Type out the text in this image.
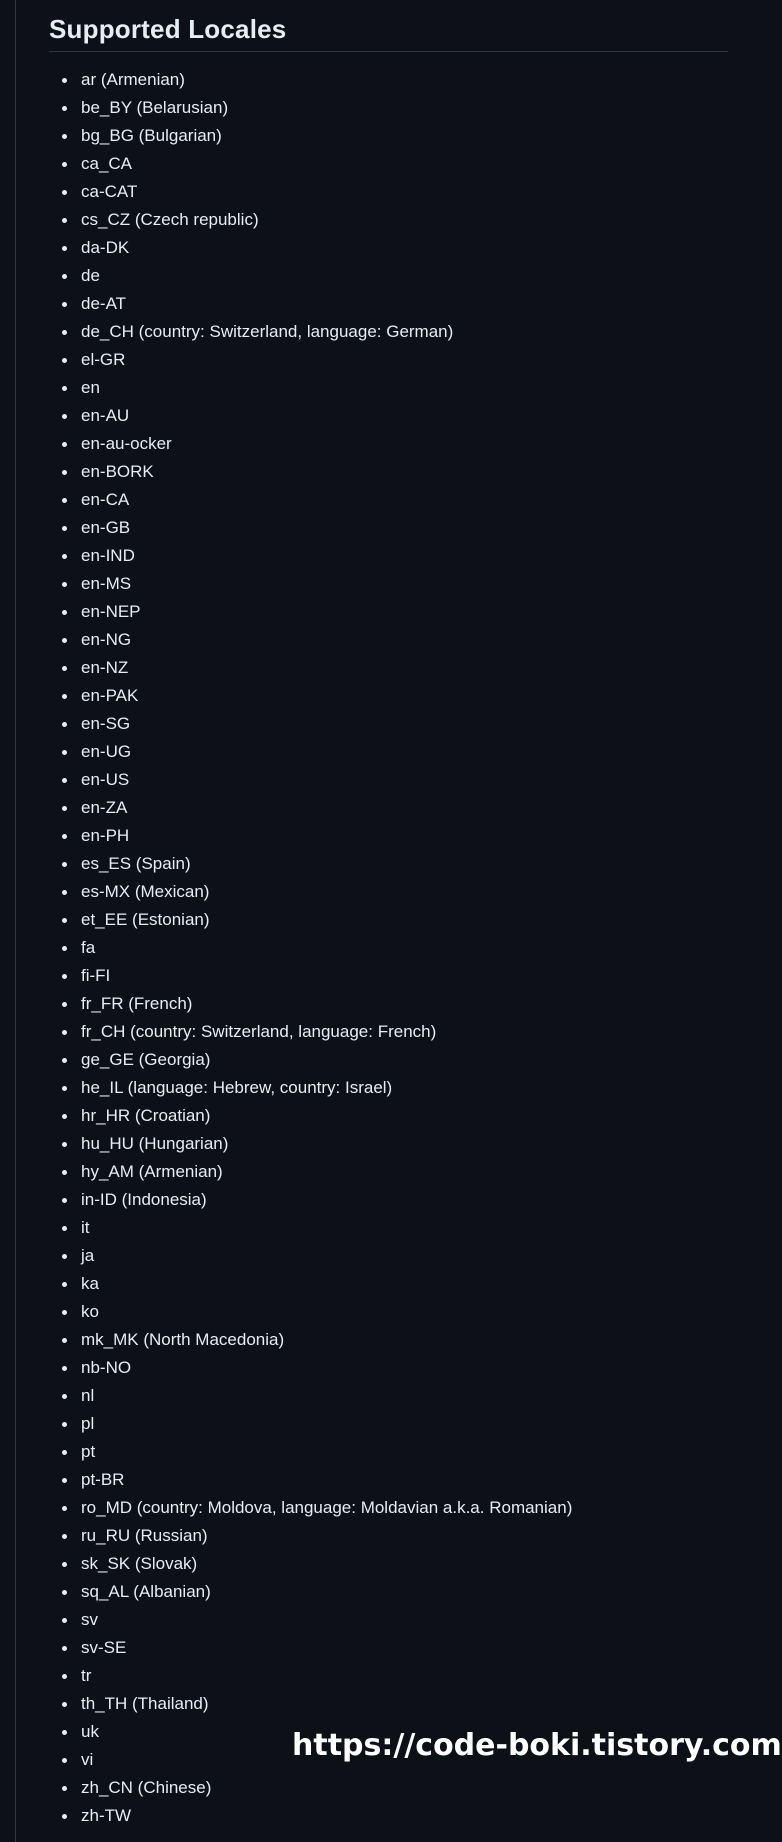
Supported Locales
ar (Armenian)
be_BY (Belarusian)
bg_BG (Bulgarian)
ca_CA
ca-CAT
cs_CZ (Czech republic)
da-DK
de
de-AT
de_CH (country: Switzerland, language: German)
el-GR
en
en-AU
en-au-ocker
en-BORK
en-CA
en-GB
en-IND
en-MS
en-NEP
en-NG
en-NZ
en-PAK
en-SG
en-UG
en-US
en-ZA
en-PH
es_ES (Spain)
es-MX (Mexican)
et_EE (Estonian)
fa
fi-FI
fr_FR (French)
fr_CH (country: Switzerland, language: French)
ge_GE (Georgia)
he_IL (language: Hebrew, country: Israel)
hr_HR (Croatian)
hu_HU (Hungarian)
hy_AM (Armenian)
in-ID (Indonesia)
it
ja
ka
ko
mk_MK (North Macedonia)
nb-NO
nl
pl
pt
pt-BR
ro_MD (country: Moldova, language: Moldavian a.k.a. Romanian)
ru_RU (Russian)
sk_SK (Slovak)
sq_AL (Albanian)
sv
sv-SE
tr
th_TH (Thailand)
uk
vi
zh_CN (Chinese)
zh-TW
https://code-boki.tistory.com
